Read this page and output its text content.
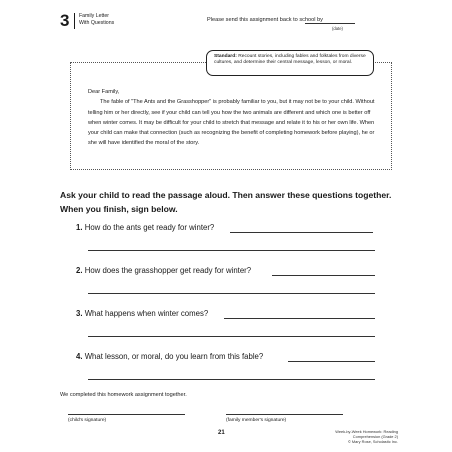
3 Family Letter
With Questions	Please send this assignment back to school by
(date)
Standard: Recount stories, including fables and folktales from diverse cultures, and determine their central message, lesson, or moral.

Dear Family,

The fable of "The Ants and the Grasshopper" is probably familiar to you, but it may not be to your child. Without telling him or her directly, see if your child can tell you how the two animals are different and which one is better off when winter comes. It may be difficult for your child to stretch that message and relate it to his or her own life. When your child can make that connection (such as recognizing the benefit of completing homework before playing), he or she will have identified the moral of the story.

Ask your child to read the passage aloud. Then answer these questions together. When you finish, sign below.
1. How do the ants get ready for winter?
2. How does the grasshopper get ready for winter?
3. What happens when winter comes?
4. What lesson, or moral, do you learn from this fable?
We completed this homework assignment together.
(child's signature)	(family member's signature)
21	Week-by-Week Homework: Reading Comprehension (Grade 2)
© Mary Rose, Scholastic Inc.
